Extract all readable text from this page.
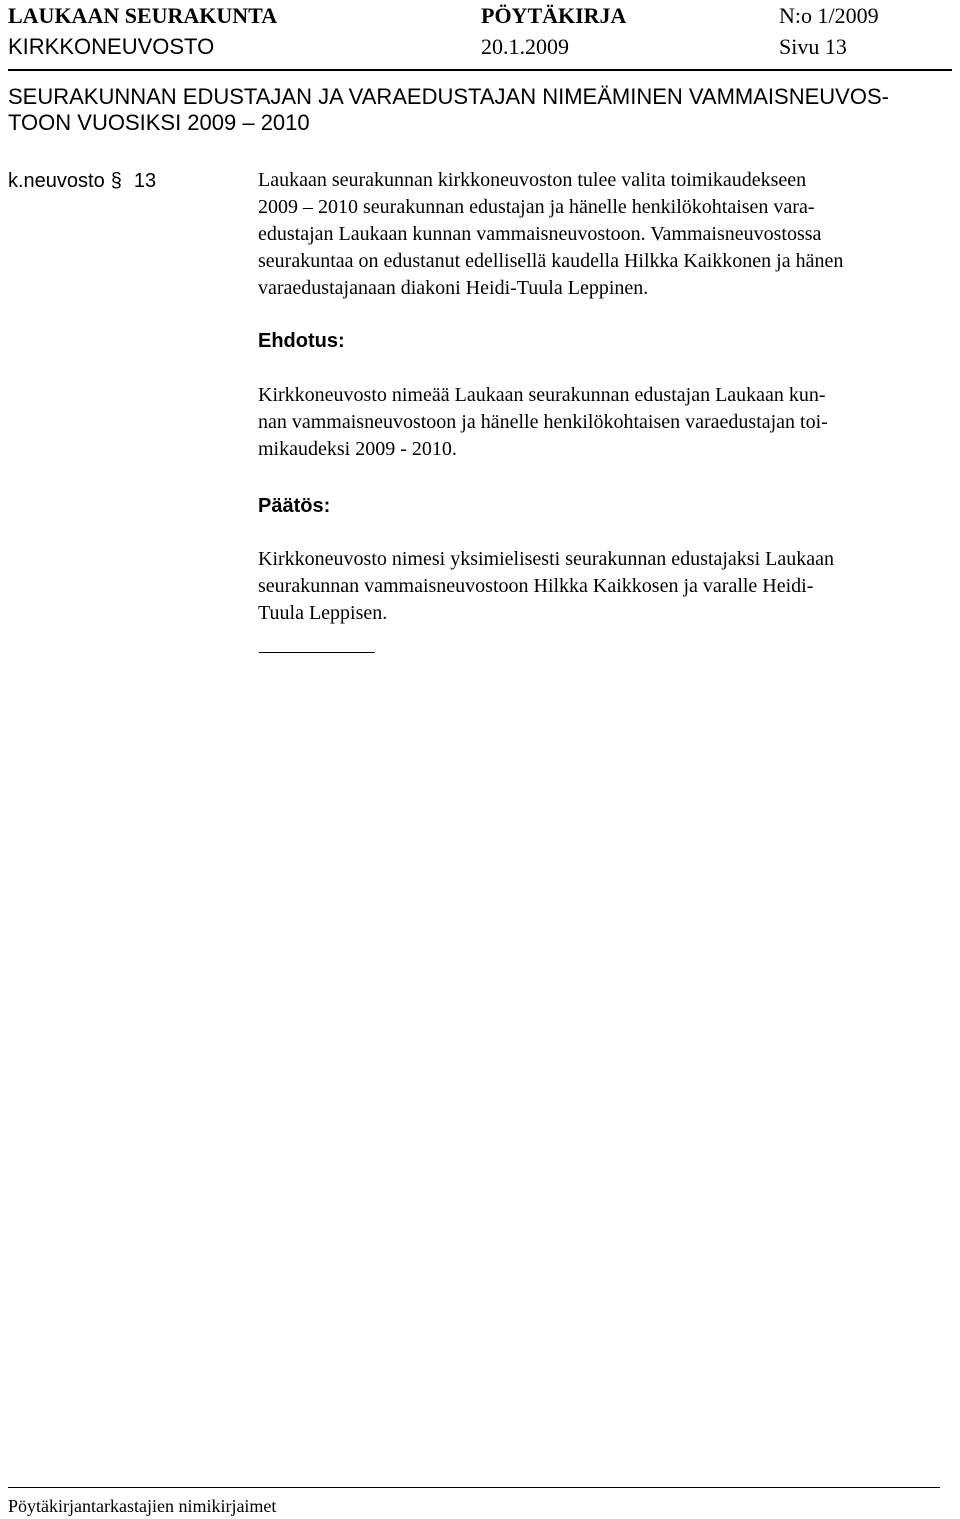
LAUKAAN SEURAKUNTA
KIRKKONEUVOSTO
PÖYTÄKIRJA
20.1.2009
N:o 1/2009
Sivu 13
SEURAKUNNAN EDUSTAJAN JA VARAEDUSTAJAN NIMEÄMINEN VAMMAISNEUVOS-
TOON VUOSIKSI 2009 – 2010
k.neuvosto § 13	Laukaan seurakunnan kirkkoneuvoston tulee valita toimikaudekseen
2009 – 2010 seurakunnan edustajan ja hänelle henkilökohtaisen vara-
edustajan Laukaan kunnan vammaisneuvostoon. Vammaisneuvostossa
seurakuntaa on edustanut edellisellä kaudella Hilkka Kaikkonen ja hänen
varaedustajanaan diakoni Heidi-Tuula Leppinen.
Ehdotus:
Kirkkoneuvosto nimeää Laukaan seurakunnan edustajan Laukaan kun-
nan vammaisneuvostoon ja hänelle henkilökohtaisen varaedustajan toi-
mikaudeksi 2009 - 2010.
Päätös:
Kirkkoneuvosto nimesi yksimielisesti seurakunnan edustajaksi Laukaan
seurakunnan vammaisneuvostoon Hilkka Kaikkosen ja varalle Heidi-
Tuula Leppisen.
Pöytäkirjantarkastajien nimikirjaimet
